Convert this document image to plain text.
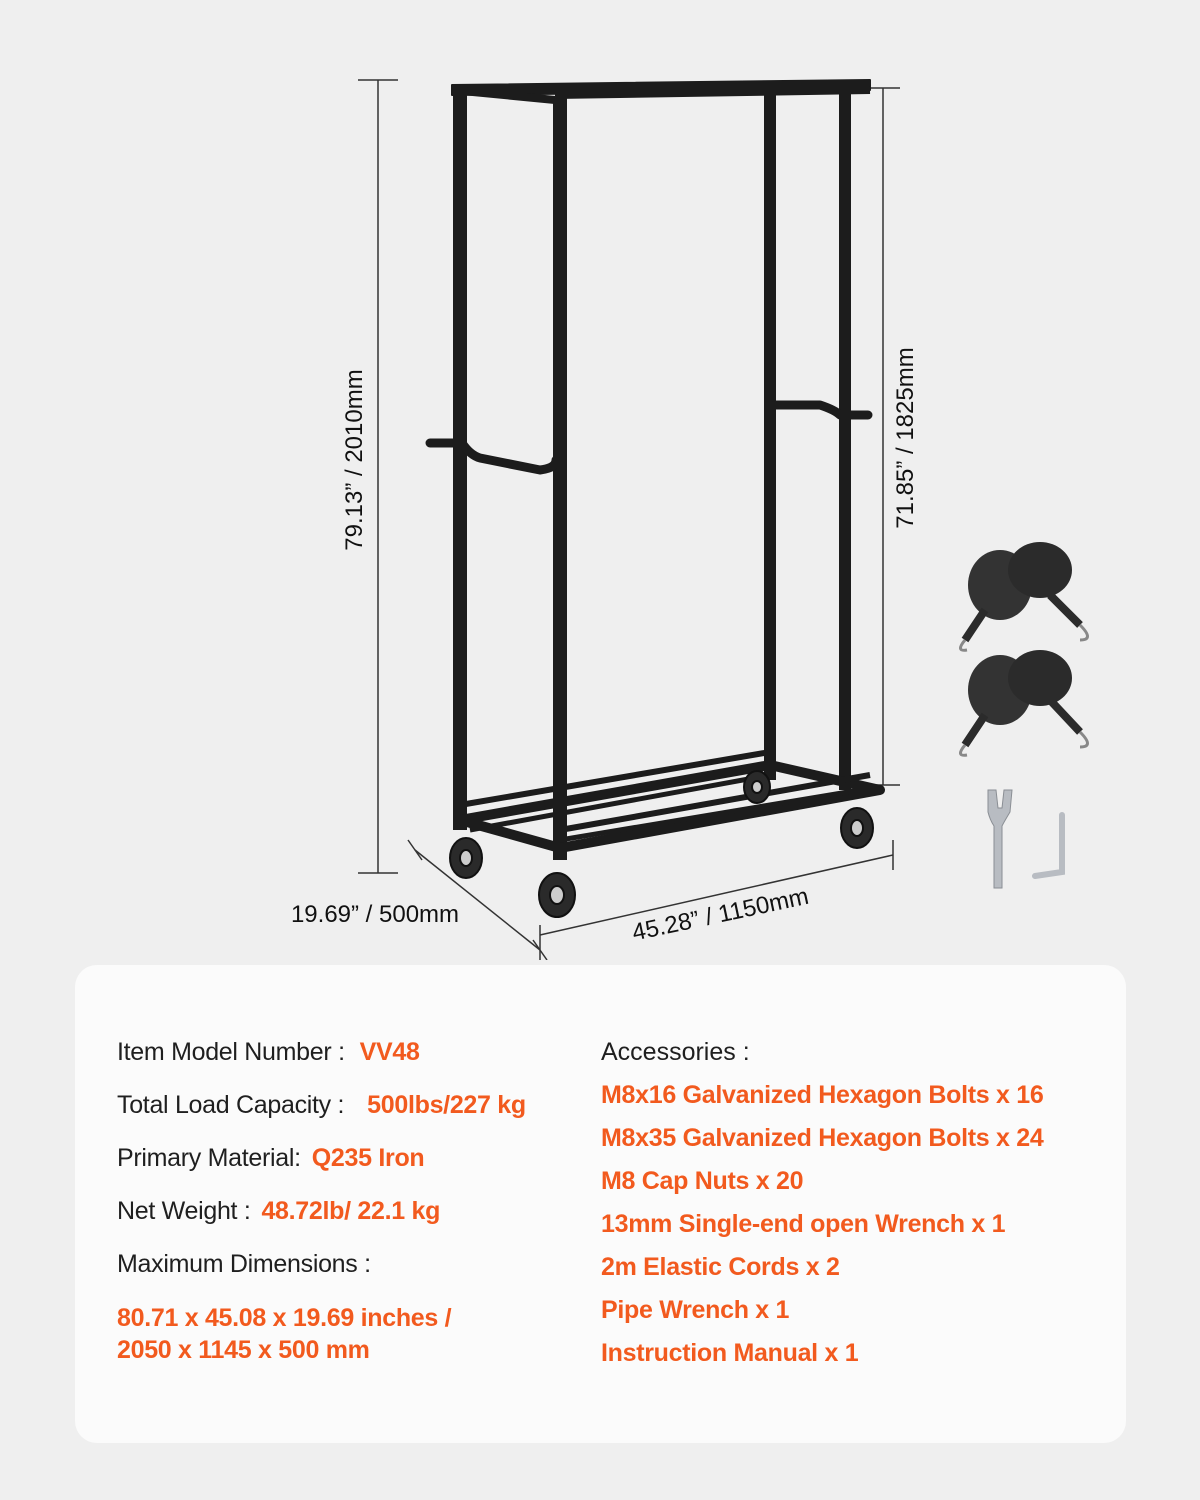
79.13” / 2010mm	71.85” / 1825mm
19.69” / 500mm	45.28” / 1150mm
Item Model Number : VV48
Total Load Capacity : 500lbs/227 kg
Primary Material: Q235 Iron
Net Weight : 48.72lb/ 22.1 kg
Maximum Dimensions :
80.71 x 45.08 x 19.69 inches /
2050 x 1145 x 500 mm
Accessories :
M8x16 Galvanized Hexagon Bolts x 16
M8x35 Galvanized Hexagon Bolts x 24
M8 Cap Nuts x 20
13mm Single-end open Wrench x 1
2m Elastic Cords x 2
Pipe Wrench x 1
Instruction Manual x 1
